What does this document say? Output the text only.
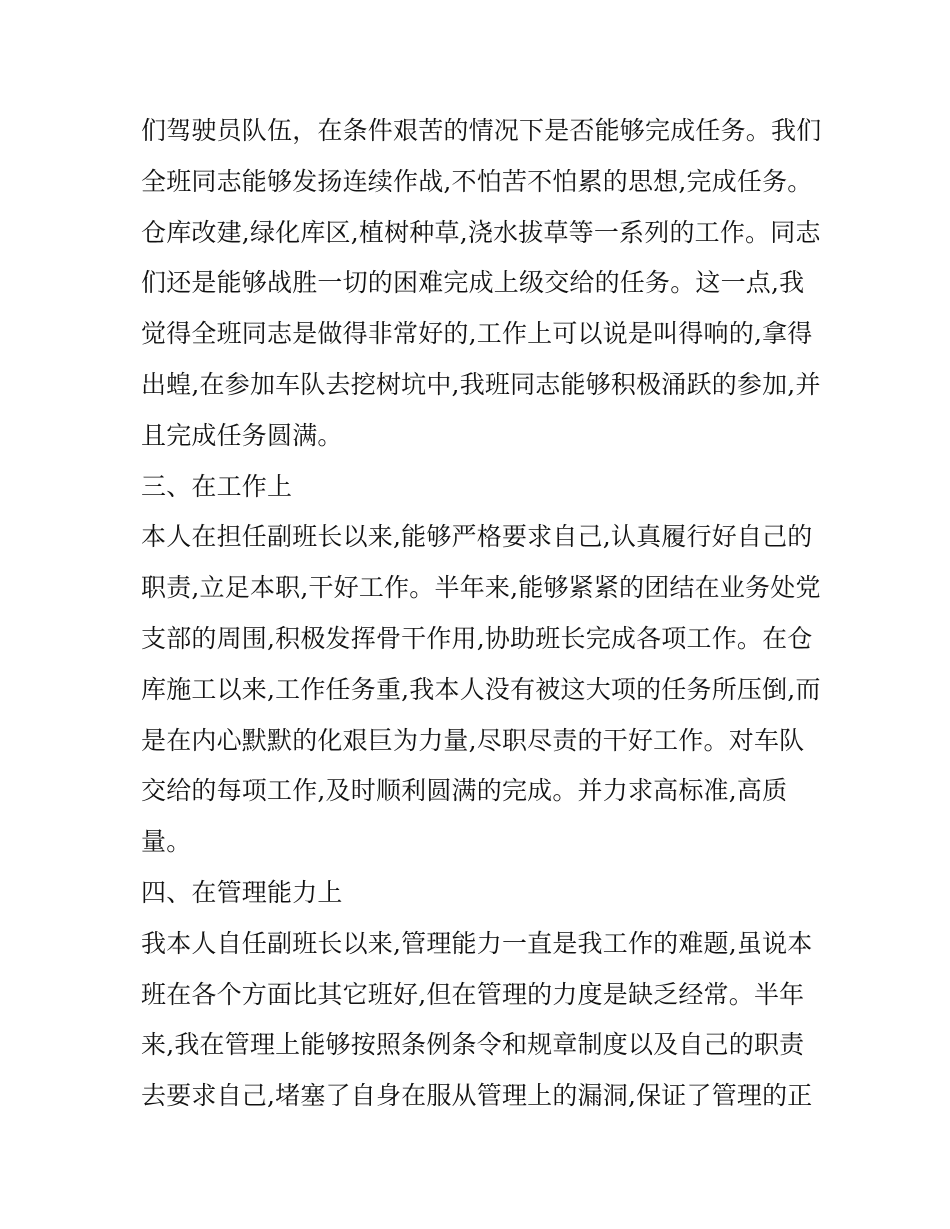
们驾驶员队伍，在条件艰苦的情况下是否能够完成任务。我们
全班同志能够发扬连续作战,不怕苦不怕累的思想,完成任务。
仓库改建,绿化库区,植树种草,浇水拔草等一系列的工作。同志
们还是能够战胜一切的困难完成上级交给的任务。这一点,我
觉得全班同志是做得非常好的,工作上可以说是叫得响的,拿得
出蝗,在参加车队去挖树坑中,我班同志能够积极涌跃的参加,并
且完成任务圆满。
三、在工作上
本人在担任副班长以来,能够严格要求自己,认真履行好自己的
职责,立足本职,干好工作。半年来,能够紧紧的团结在业务处党
支部的周围,积极发挥骨干作用,协助班长完成各项工作。在仓
库施工以来,工作任务重,我本人没有被这大项的任务所压倒,而
是在内心默默的化艰巨为力量,尽职尽责的干好工作。对车队
交给的每项工作,及时顺利圆满的完成。并力求高标准,高质
量。
四、在管理能力上
我本人自任副班长以来,管理能力一直是我工作的难题,虽说本
班在各个方面比其它班好,但在管理的力度是缺乏经常。半年
来,我在管理上能够按照条例条令和规章制度以及自己的职责
去要求自己,堵塞了自身在服从管理上的漏洞,保证了管理的正
